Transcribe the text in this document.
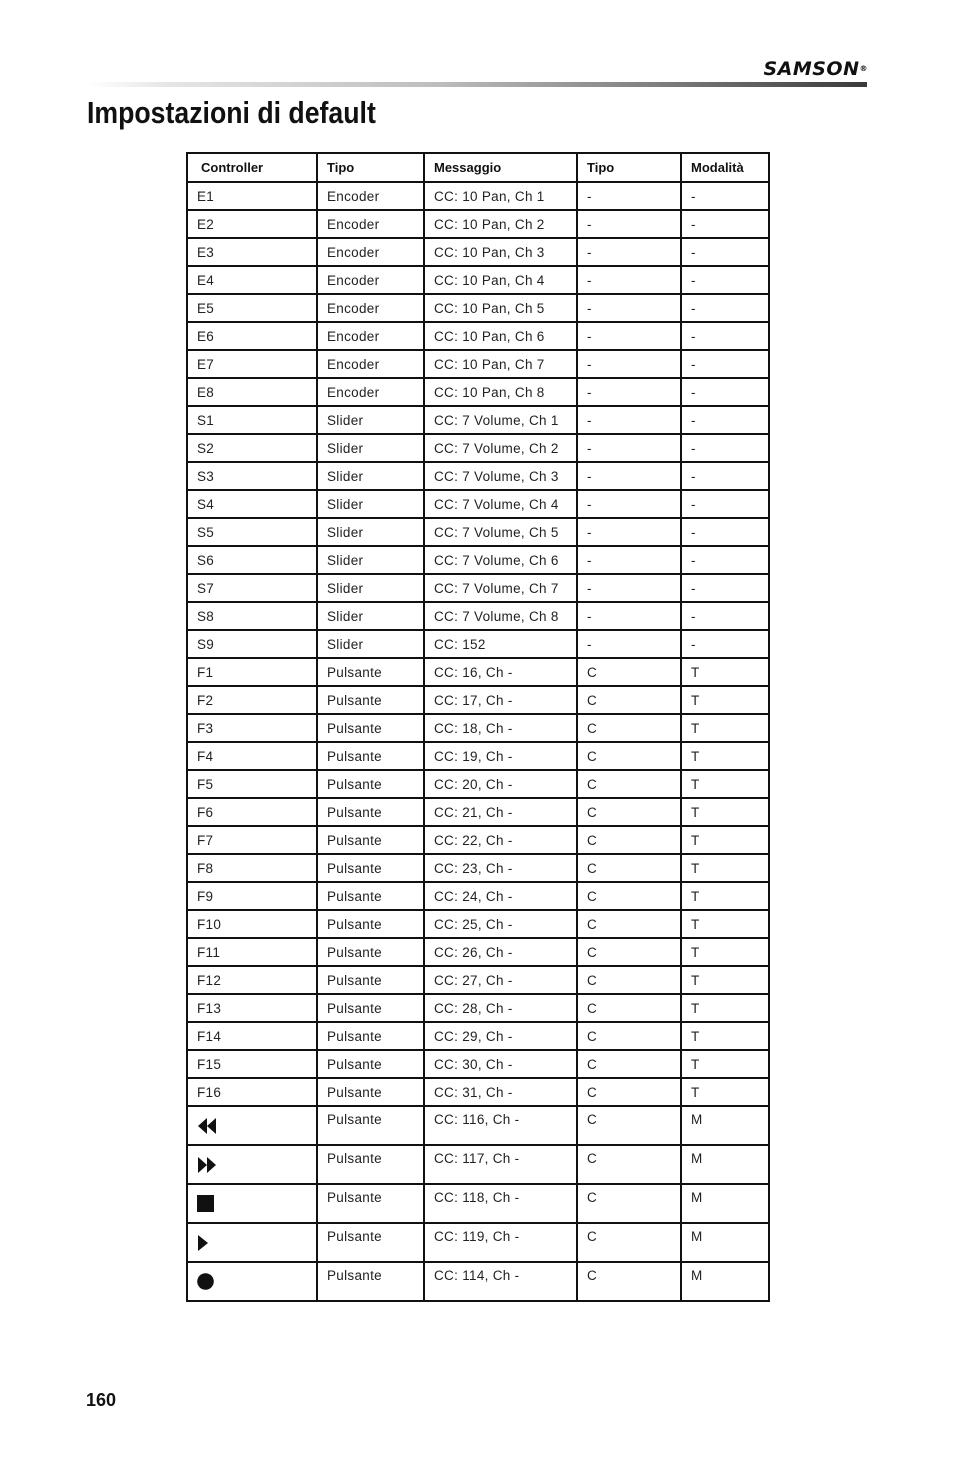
SAMSON®
Impostazioni di default
Controller	Tipo	Messaggio	Tipo	Modalità
E1	Encoder	CC: 10 Pan, Ch 1	-	-
E2	Encoder	CC: 10 Pan, Ch 2	-	-
E3	Encoder	CC: 10 Pan, Ch 3	-	-
E4	Encoder	CC: 10 Pan, Ch 4	-	-
E5	Encoder	CC: 10 Pan, Ch 5	-	-
E6	Encoder	CC: 10 Pan, Ch 6	-	-
E7	Encoder	CC: 10 Pan, Ch 7	-	-
E8	Encoder	CC: 10 Pan, Ch 8	-	-
S1	Slider	CC: 7 Volume, Ch 1	-	-
S2	Slider	CC: 7 Volume, Ch 2	-	-
S3	Slider	CC: 7 Volume, Ch 3	-	-
S4	Slider	CC: 7 Volume, Ch 4	-	-
S5	Slider	CC: 7 Volume, Ch 5	-	-
S6	Slider	CC: 7 Volume, Ch 6	-	-
S7	Slider	CC: 7 Volume, Ch 7	-	-
S8	Slider	CC: 7 Volume, Ch 8	-	-
S9	Slider	CC: 152	-	-
F1	Pulsante	CC: 16, Ch -	C	T
F2	Pulsante	CC: 17, Ch -	C	T
F3	Pulsante	CC: 18, Ch -	C	T
F4	Pulsante	CC: 19, Ch -	C	T
F5	Pulsante	CC: 20, Ch -	C	T
F6	Pulsante	CC: 21, Ch -	C	T
F7	Pulsante	CC: 22, Ch -	C	T
F8	Pulsante	CC: 23, Ch -	C	T
F9	Pulsante	CC: 24, Ch -	C	T
F10	Pulsante	CC: 25, Ch -	C	T
F11	Pulsante	CC: 26, Ch -	C	T
F12	Pulsante	CC: 27, Ch -	C	T
F13	Pulsante	CC: 28, Ch -	C	T
F14	Pulsante	CC: 29, Ch -	C	T
F15	Pulsante	CC: 30, Ch -	C	T
F16	Pulsante	CC: 31, Ch -	C	T

	Pulsante	CC: 116, Ch -	C	M

	Pulsante	CC: 117, Ch -	C	M

	Pulsante	CC: 118, Ch -	C	M

	Pulsante	CC: 119, Ch -	C	M

	Pulsante	CC: 114, Ch -	C	M
160
